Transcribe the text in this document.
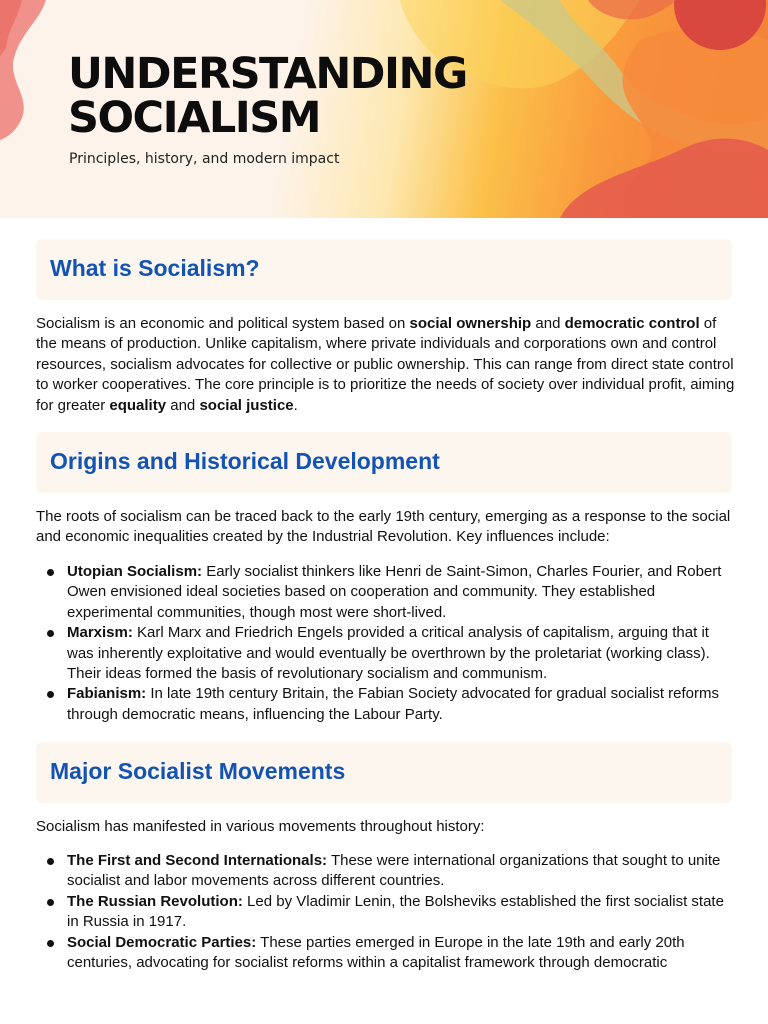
UNDERSTANDING
SOCIALISM

Principles, history, and modern impact

What is Socialism?

Socialism is an economic and political system based on social ownership and democratic control of the means of production. Unlike capitalism, where private individuals and corporations own and control resources, socialism advocates for collective or public ownership. This can range from direct state control to worker cooperatives. The core principle is to prioritize the needs of society over individual profit, aiming for greater equality and social justice.

Origins and Historical Development

The roots of socialism can be traced back to the early 19th century, emerging as a response to the social and economic inequalities created by the Industrial Revolution. Key influences include:

Utopian Socialism: Early socialist thinkers like Henri de Saint-Simon, Charles Fourier, and Robert Owen envisioned ideal societies based on cooperation and community. They established experimental communities, though most were short-lived.
Marxism: Karl Marx and Friedrich Engels provided a critical analysis of capitalism, arguing that it was inherently exploitative and would eventually be overthrown by the proletariat (working class). Their ideas formed the basis of revolutionary socialism and communism.
Fabianism: In late 19th century Britain, the Fabian Society advocated for gradual socialist reforms through democratic means, influencing the Labour Party.
Major Socialist Movements

Socialism has manifested in various movements throughout history:

The First and Second Internationals: These were international organizations that sought to unite socialist and labor movements across different countries.
The Russian Revolution: Led by Vladimir Lenin, the Bolsheviks established the first socialist state in Russia in 1917.
Social Democratic Parties: These parties emerged in Europe in the late 19th and early 20th centuries, advocating for socialist reforms within a capitalist framework through democratic
